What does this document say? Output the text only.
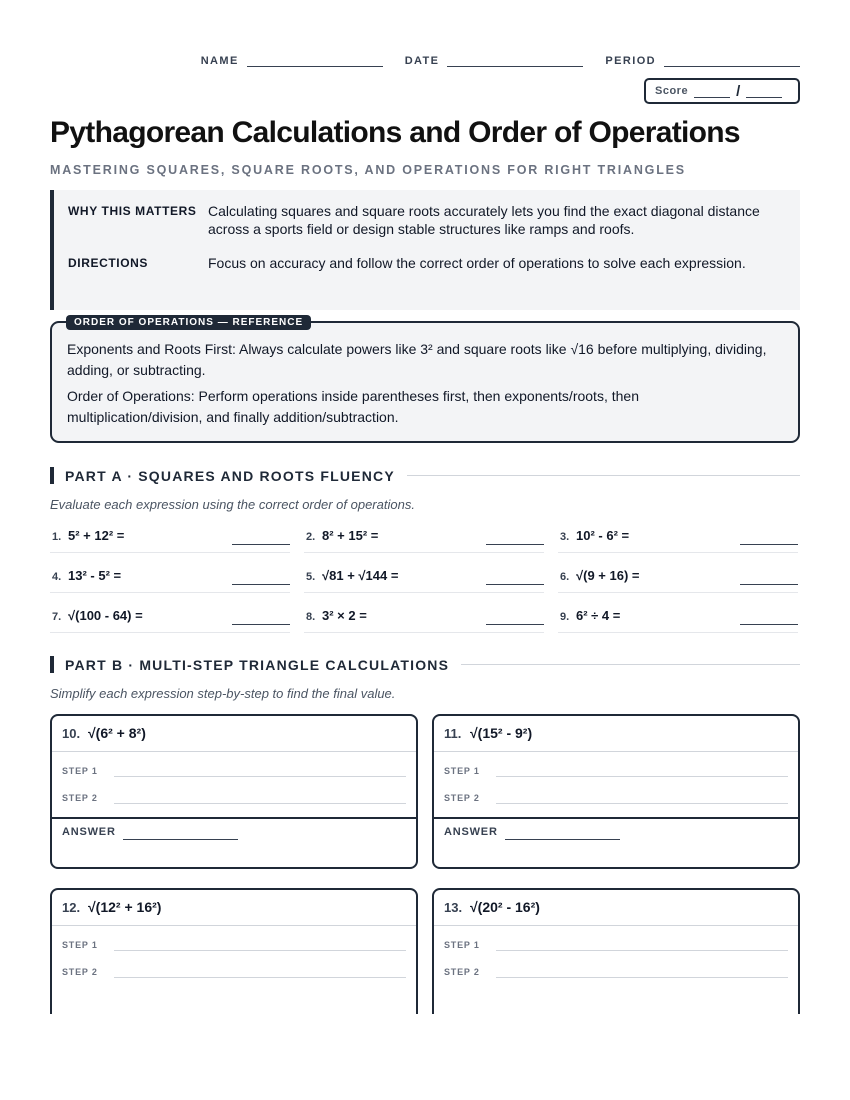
NAME	DATE	PERIOD
Score	/
Pythagorean Calculations and Order of Operations
MASTERING SQUARES, SQUARE ROOTS, AND OPERATIONS FOR RIGHT TRIANGLES
WHY THIS MATTERS Calculating squares and square roots accurately lets you find the exact diagonal distance across a sports field or design stable structures like ramps and roofs.
DIRECTIONS	Focus on accuracy and follow the correct order of operations to solve each expression.
ORDER OF OPERATIONS — REFERENCE

Exponents and Roots First: Always calculate powers like 3² and square roots like √16 before multiplying, dividing, adding, or subtracting.

Order of Operations: Perform operations inside parentheses first, then exponents/roots, then multiplication/division, and finally addition/subtraction.

PART A · SQUARES AND ROOTS FLUENCY
Evaluate each expression using the correct order of operations.
1. 5² + 12² =	2. 8² + 15² =	3. 10² - 6² =
4. 13² - 5² =	5. √81 + √144 =	6. √(9 + 16) =
7. √(100 - 64) =	8. 3² × 2 =	9. 6² ÷ 4 =
PART B · MULTI-STEP TRIANGLE CALCULATIONS
Simplify each expression step-by-step to find the final value.
10. √(6² + 8²)
STEP 1
STEP 2
ANSWER
11. √(15² - 9²)
STEP 1
STEP 2
ANSWER
12. √(12² + 16²)
STEP 1
STEP 2
13. √(20² - 16²)
STEP 1
STEP 2
